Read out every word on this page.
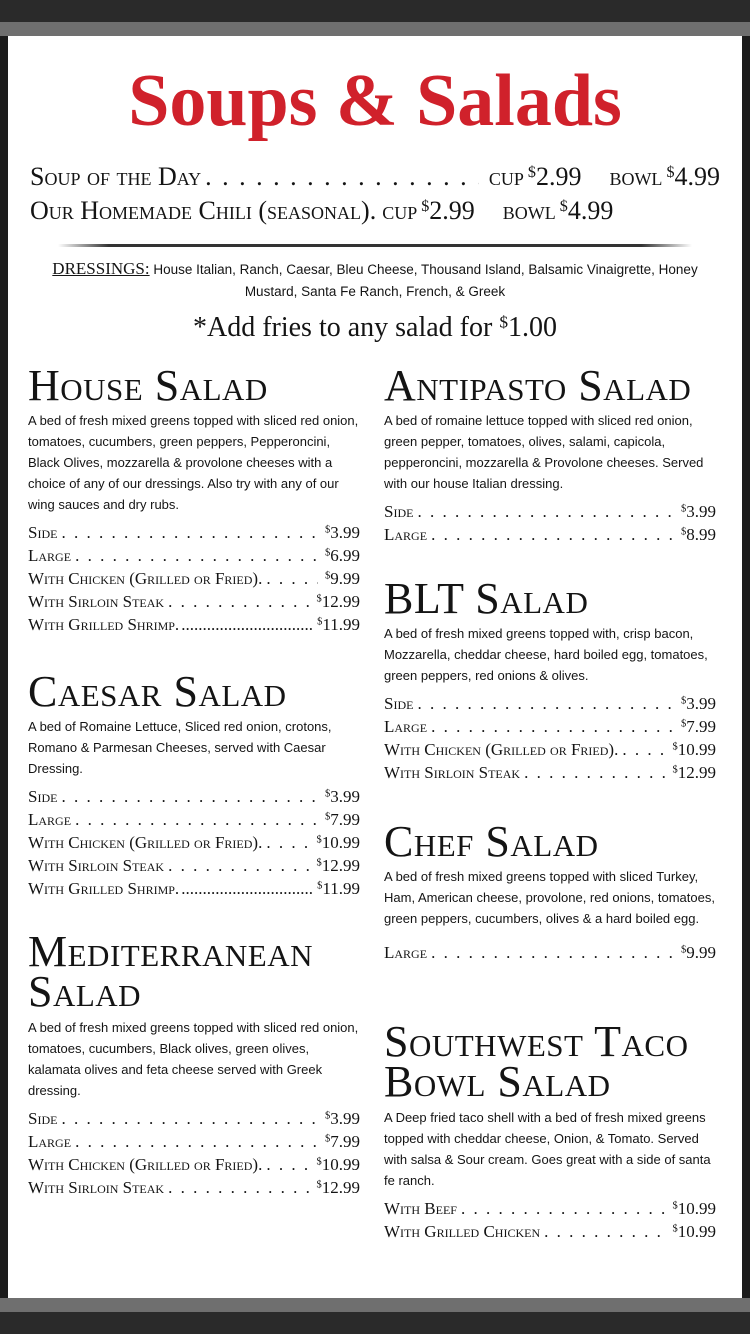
Soups & Salads
Soup of the Day . . .	cup $2.99 bowl $4.99
Our Homemade Chili (seasonal). cup $2.99 bowl $4.99
DRESSINGS: House Italian, Ranch, Caesar, Bleu Cheese, Thousand Island, Balsamic Vinaigrette, Honey Mustard, Santa Fe Ranch, French, & Greek
*Add fries to any salad for $1.00
House Salad
A bed of fresh mixed greens topped with sliced red onion, tomatoes, cucumbers, green peppers, Pepperoncini, Black Olives, mozzarella & provolone cheeses with a choice of any of our dressings. Also try with any of our wing sauces and dry rubs.
Side . . .	$3.99
Large . . .	$6.99
With Chicken (Grilled or Fried). . . .	$9.99
With Sirloin Steak . . .	$12.99
With Grilled Shrimp. .....	$11.99
Caesar Salad
A bed of Romaine Lettuce, Sliced red onion, crotons, Romano & Parmesan Cheeses, served with Caesar Dressing.
Side . . .	$3.99
Large . . .	$7.99
With Chicken (Grilled or Fried). . . .	$10.99
With Sirloin Steak . . .	$12.99
With Grilled Shrimp. .....	$11.99
Mediterranean Salad
A bed of fresh mixed greens topped with sliced red onion, tomatoes, cucumbers, Black olives, green olives, kalamata olives and feta cheese served with Greek dressing.
Side . . .	$3.99
Large . . .	$7.99
With Chicken (Grilled or Fried). . . .	$10.99
With Sirloin Steak . . .	$12.99
Antipasto Salad
A bed of romaine lettuce topped with sliced red onion, green pepper, tomatoes, olives, salami, capicola, pepperoncini, mozzarella & Provolone cheeses. Served with our house Italian dressing.
Side . . .	$3.99
Large . . .	$8.99
BLT Salad
A bed of fresh mixed greens topped with, crisp bacon, Mozzarella, cheddar cheese, hard boiled egg, tomatoes, green peppers, red onions & olives.
Side . . .	$3.99
Large . . .	$7.99
With Chicken (Grilled or Fried). . . .	$10.99
With Sirloin Steak . . .	$12.99
Chef Salad
A bed of fresh mixed greens topped with sliced Turkey, Ham, American cheese, provolone, red onions, tomatoes, green peppers, cucumbers, olives & a hard boiled egg.
Large . . .	$9.99
Southwest Taco Bowl Salad
A Deep fried taco shell with a bed of fresh mixed greens topped with cheddar cheese, Onion, & Tomato. Served with salsa & Sour cream. Goes great with a side of santa fe ranch.
With Beef . . .	$10.99
With Grilled Chicken . . .	$10.99
